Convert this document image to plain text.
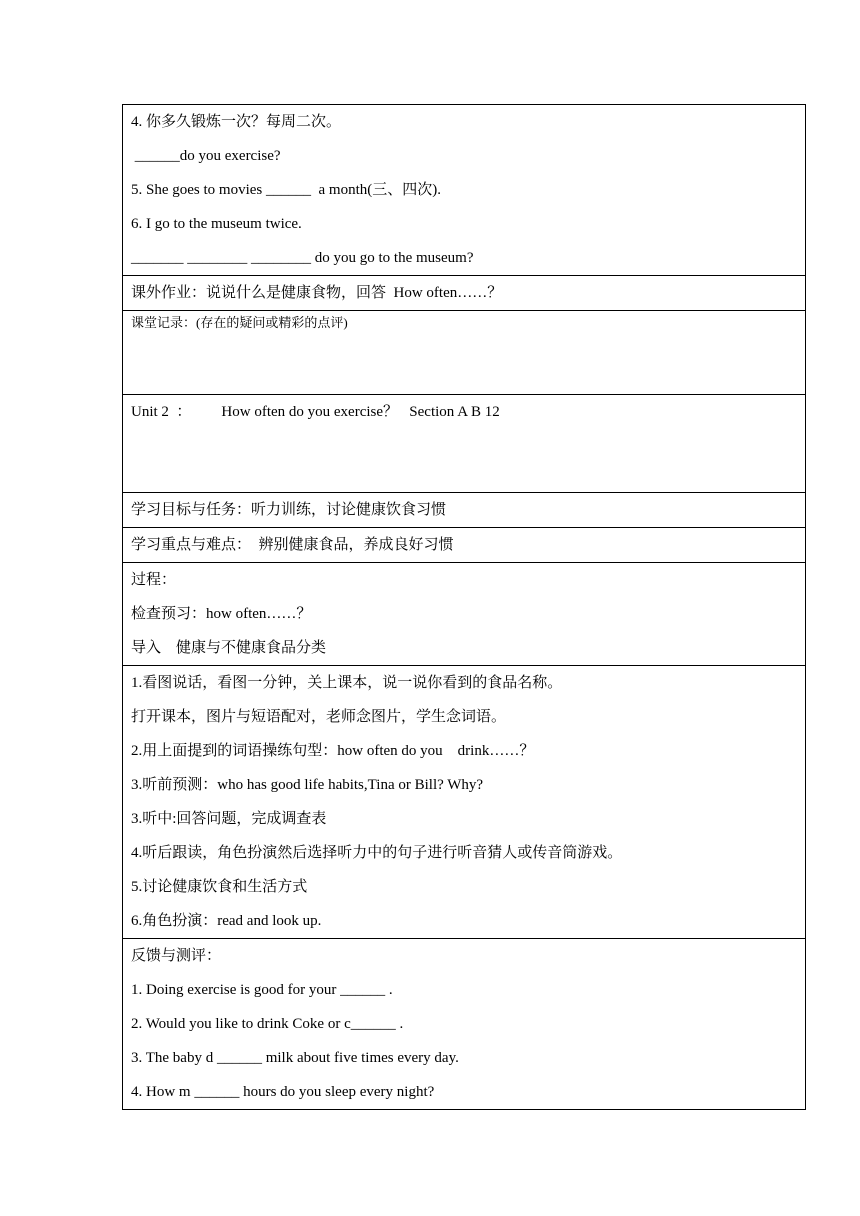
4. 你多久锻炼一次？每周二次。
______do you exercise?
5. She goes to movies ______  a month(三、四次).
6. I go to the museum twice.
_______ ________ ________ do you go to the museum?
课外作业：说说什么是健康食物，回答  How often……？
课堂记录：(存在的疑问或精彩的点评)
Unit 2  ：        How often do you exercise？   Section A B 12
学习目标与任务：听力训练，讨论健康饮食习惯
学习重点与难点：  辨别健康食品，养成良好习惯
过程：
检查预习：how often……？
导入    健康与不健康食品分类
1.看图说话，看图一分钟，关上课本，说一说你看到的食品名称。
打开课本，图片与短语配对，老师念图片，学生念词语。
2.用上面提到的词语操练句型：how often do you    drink……？
3.听前预测：who has good life habits,Tina or Bill? Why?
3.听中:回答问题，完成调查表
4.听后跟读，角色扮演然后选择听力中的句子进行听音猜人或传音筒游戏。
5.讨论健康饮食和生活方式
6.角色扮演：read and look up.
反馈与测评：
1. Doing exercise is good for your ______ .
2. Would you like to drink Coke or c______ .
3. The baby d ______ milk about five times every day.
4. How m ______ hours do you sleep every night?
